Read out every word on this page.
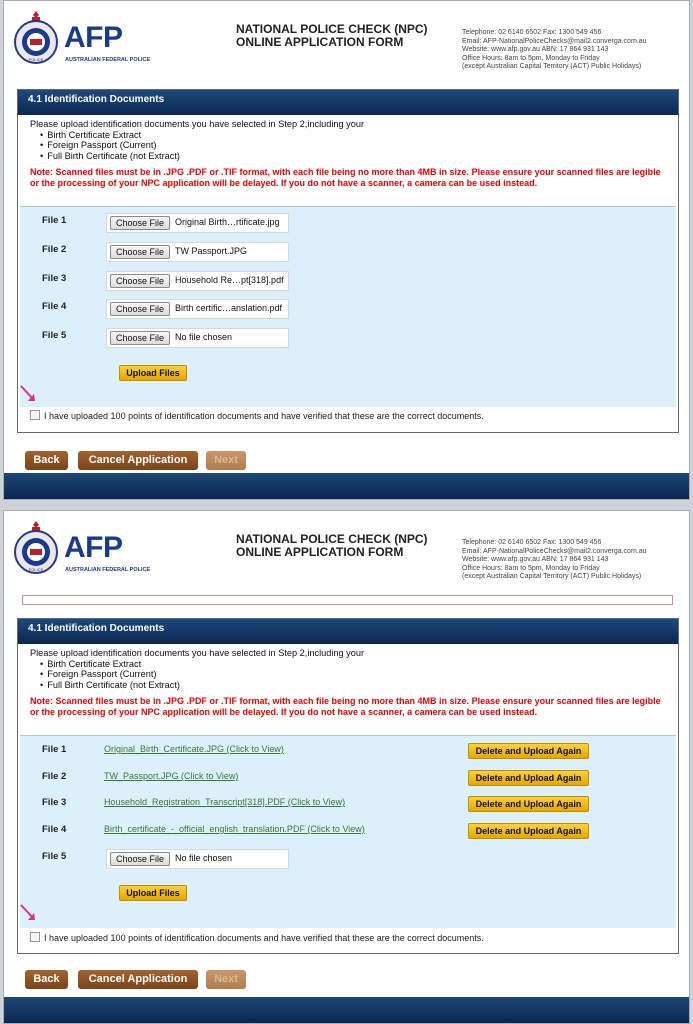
POLICE
AFP
AUSTRALIAN FEDERAL POLICE
NATIONAL POLICE CHECK (NPC)
ONLINE APPLICATION FORM
Telephone: 02 6140 6502 Fax: 1300 549 456
Email: AFP-NationalPoliceChecks@mail2.converga.com.au
Website: www.afp.gov.au ABN: 17 864 931 143
Office Hours: 8am to 5pm, Monday to Friday
(except Australian Capital Territory (ACT) Public Holidays)
4.1 Identification Documents
Please upload identification documents you have selected in Step 2,including your
• Birth Certificate Extract
• Foreign Passport (Current)
• Full Birth Certificate (not Extract)
Note: Scanned files must be in .JPG .PDF or .TIF format, with each file being no more than 4MB in size. Please ensure your scanned files are legible or the processing of your NPC application will be delayed. If you do not have a scanner, a camera can be used instead.
File 1	Choose File	Original Birth…rtificate.jpg
File 2	Choose File	TW Passport.JPG
File 3	Choose File	Household Re…pt[318].pdf
File 4	Choose File	Birth certific…anslation.pdf
File 5	Choose File	No file chosen
Upload Files
I have uploaded 100 points of identification documents and have verified that these are the correct documents.
Back	Cancel Application	Next
POLICE
AFP
AUSTRALIAN FEDERAL POLICE
NATIONAL POLICE CHECK (NPC)
ONLINE APPLICATION FORM
Telephone: 02 6140 6502 Fax: 1300 549 456
Email: AFP-NationalPoliceChecks@mail2.converga.com.au
Website: www.afp.gov.au ABN: 17 864 931 143
Office Hours: 8am to 5pm, Monday to Friday
(except Australian Capital Territory (ACT) Public Holidays)
4.1 Identification Documents
Please upload identification documents you have selected in Step 2,including your
• Birth Certificate Extract
• Foreign Passport (Current)
• Full Birth Certificate (not Extract)
Note: Scanned files must be in .JPG .PDF or .TIF format, with each file being no more than 4MB in size. Please ensure your scanned files are legible or the processing of your NPC application will be delayed. If you do not have a scanner, a camera can be used instead.
File 1	Original_Birth_Certificate.JPG (Click to View)	Delete and Upload Again
File 2	TW_Passport.JPG (Click to View)	Delete and Upload Again
File 3	Household_Registration_Transcript[318].PDF (Click to View)	Delete and Upload Again
File 4	Birth_certificate_-_official_english_translation.PDF (Click to View)	Delete and Upload Again
File 5	Choose File	No file chosen
Upload Files
I have uploaded 100 points of identification documents and have verified that these are the correct documents.
Back	Cancel Application	Next
